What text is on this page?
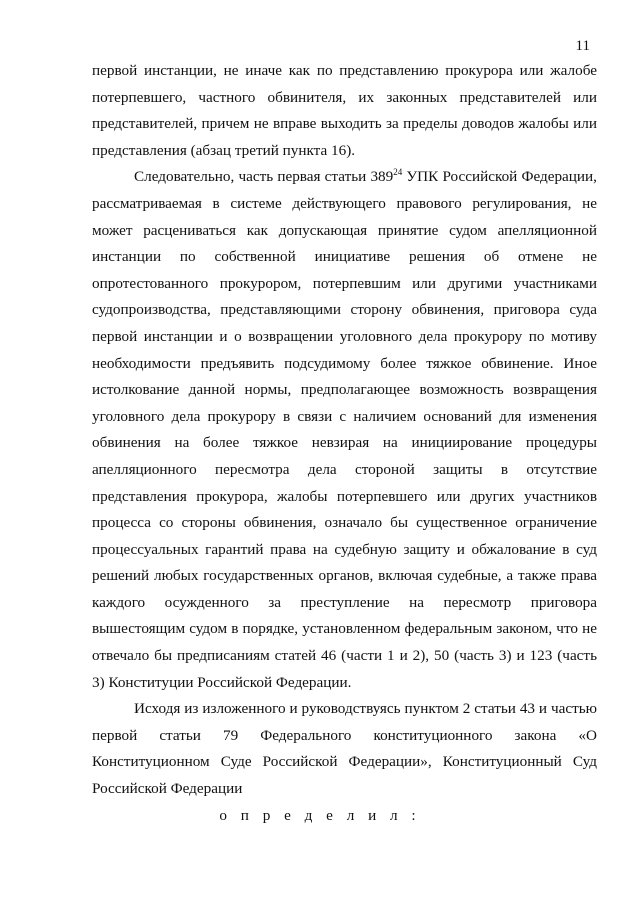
11

первой инстанции, не иначе как по представлению прокурора или жалобе потерпевшего, частного обвинителя, их законных представителей или представителей, причем не вправе выходить за пределы доводов жалобы или представления (абзац третий пункта 16).

Следовательно, часть первая статьи $389^{24}$ УПК Российской Федерации, рассматриваемая в системе действующего правового регулирования, не может расцениваться как допускающая принятие судом апелляционной инстанции по собственной инициативе решения об отмене не опротестованного прокурором, потерпевшим или другими участниками судопроизводства, представляющими сторону обвинения, приговора суда первой инстанции и о возвращении уголовного дела прокурору по мотиву необходимости предъявить подсудимому более тяжкое обвинение. Иное истолкование данной нормы, предполагающее возможность возвращения уголовного дела прокурору в связи с наличием оснований для изменения обвинения на более тяжкое невзирая на инициирование процедуры апелляционного пересмотра дела стороной защиты в отсутствие представления прокурора, жалобы потерпевшего или других участников процесса со стороны обвинения, означало бы существенное ограничение процессуальных гарантий права на судебную защиту и обжалование в суд решений любых государственных органов, включая судебные, а также права каждого осужденного за преступление на пересмотр приговора вышестоящим судом в порядке, установленном федеральным законом, что не отвечало бы предписаниям статей 46 (части 1 и 2), 50 (часть 3) и 123 (часть 3) Конституции Российской Федерации.

Исходя из изложенного и руководствуясь пунктом 2 статьи 43 и частью первой статьи 79 Федерального конституционного закона «О Конституционном Суде Российской Федерации», Конституционный Суд Российской Федерации

о п р е д е л и л :
